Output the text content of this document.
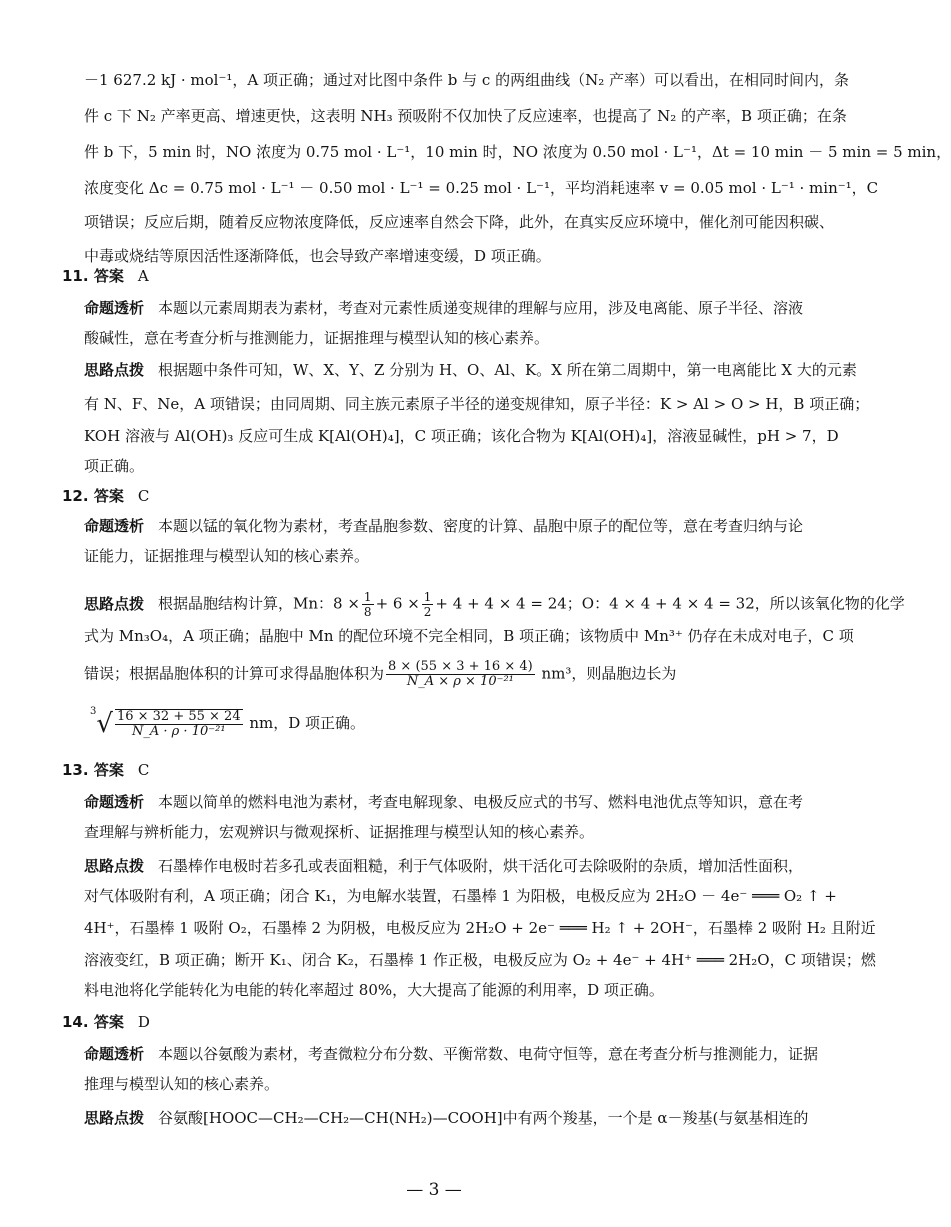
－1 627.2 kJ · mol⁻¹，A 项正确；通过对比图中条件 b 与 c 的两组曲线（N₂ 产率）可以看出，在相同时间内，条
件 c 下 N₂ 产率更高、增速更快，这表明 NH₃ 预吸附不仅加快了反应速率，也提高了 N₂ 的产率，B 项正确；在条
件 b 下，5 min 时，NO 浓度为 0.75 mol · L⁻¹，10 min 时，NO 浓度为 0.50 mol · L⁻¹，Δt = 10 min － 5 min = 5 min，
浓度变化 Δc = 0.75 mol · L⁻¹ － 0.50 mol · L⁻¹ = 0.25 mol · L⁻¹，平均消耗速率 v = 0.05 mol · L⁻¹ · min⁻¹，C
项错误；反应后期，随着反应物浓度降低，反应速率自然会下降，此外，在真实反应环境中，催化剂可能因积碳、
中毒或烧结等原因活性逐渐降低，也会导致产率增速变缓，D 项正确。
11. 答案 A
命题透析 本题以元素周期表为素材，考查对元素性质递变规律的理解与应用，涉及电离能、原子半径、溶液
酸碱性，意在考查分析与推测能力，证据推理与模型认知的核心素养。
思路点拨 根据题中条件可知，W、X、Y、Z 分别为 H、O、Al、K。X 所在第二周期中，第一电离能比 X 大的元素
有 N、F、Ne，A 项错误；由同周期、同主族元素原子半径的递变规律知，原子半径：K > Al > O > H，B 项正确；
KOH 溶液与 Al(OH)₃ 反应可生成 K[Al(OH)₄]，C 项正确；该化合物为 K[Al(OH)₄]，溶液显碱性，pH > 7，D
项正确。
12. 答案 C
命题透析 本题以锰的氧化物为素材，考查晶胞参数、密度的计算、晶胞中原子的配位等，意在考查归纳与论
证能力，证据推理与模型认知的核心素养。
思路点拨 根据晶胞结构计算，Mn：$8 \times \frac{1}{8} + 6 \times \frac{1}{2} + 4 + 4 \times 4 = 24$；O：4 × 4 + 4 × 4 = 32，所以该氧化物的化学
式为 Mn₃O₄，A 项正确；晶胞中 Mn 的配位环境不完全相同，B 项正确；该物质中 Mn³⁺ 仍存在未成对电子，C 项
错误；根据晶胞体积的计算可求得晶胞体积为 $\frac{8 \times (55 \times 3 + 16 \times 4)}{\text{N\_A × ρ × 10⁻²¹}} nm^3$，则晶胞边长为
$^3√ \frac{16 \times 32 + 55 \times 24}{\text{N\_A · ρ · 10⁻²¹}}$ nm，D 项正确。
13. 答案 C
命题透析 本题以简单的燃料电池为素材，考查电解现象、电极反应式的书写、燃料电池优点等知识，意在考
查理解与辨析能力，宏观辨识与微观探析、证据推理与模型认知的核心素养。
思路点拨 石墨棒作电极时若多孔或表面粗糙，利于气体吸附，烘干活化可去除吸附的杂质，增加活性面积，
对气体吸附有利，A 项正确；闭合 K₁，为电解水装置，石墨棒 1 为阳极，电极反应为 2H₂O － 4e⁻ ═══ O₂ ↑ +
4H⁺，石墨棒 1 吸附 O₂，石墨棒 2 为阴极，电极反应为 2H₂O + 2e⁻ ═══ H₂ ↑ + 2OH⁻，石墨棒 2 吸附 H₂ 且附近
溶液变红，B 项正确；断开 K₁、闭合 K₂，石墨棒 1 作正极，电极反应为 O₂ + 4e⁻ + 4H⁺ ═══ 2H₂O，C 项错误；燃
料电池将化学能转化为电能的转化率超过 80%，大大提高了能源的利用率，D 项正确。
14. 答案 D
命题透析 本题以谷氨酸为素材，考查微粒分布分数、平衡常数、电荷守恒等，意在考查分析与推测能力，证据
推理与模型认知的核心素养。
思路点拨 谷氨酸[HOOC—CH₂—CH₂—CH(NH₂)—COOH]中有两个羧基，一个是 α－羧基(与氨基相连的
— 3 —
